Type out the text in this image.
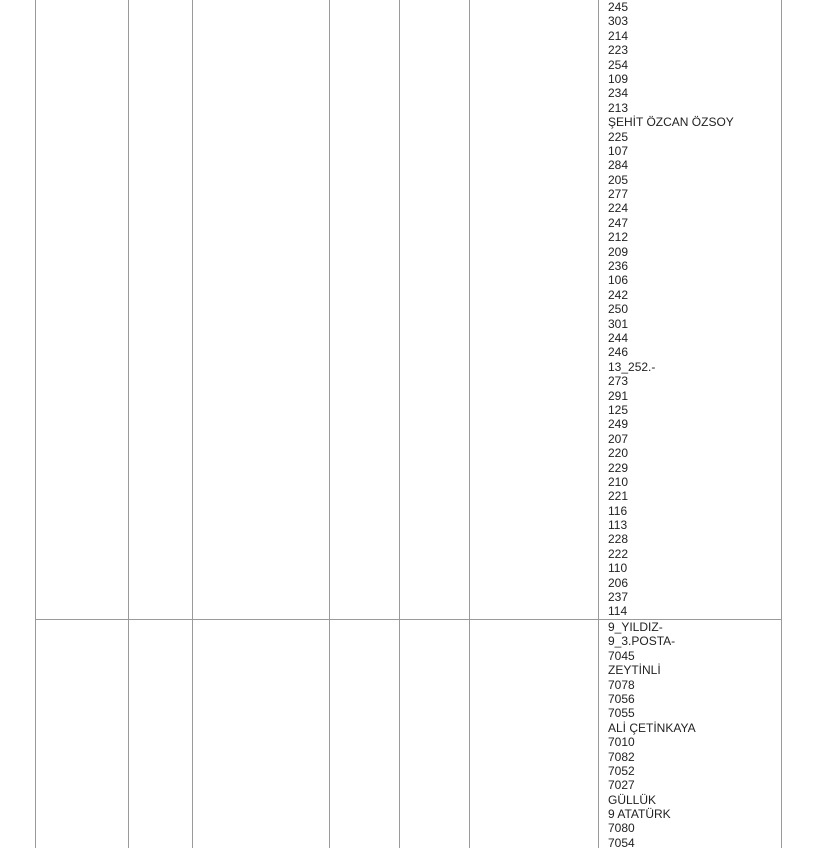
245
303
214
223
254
109
234
213
ŞEHİT ÖZCAN ÖZSOY
225
107
284
205
277
224
247
212
209
236
106
242
250
301
244
246
13_252.-
273
291
125
249
207
220
229
210
221
116
113
228
222
110
206
237
114
9_YILDIZ-
9_3.POSTA-
7045
ZEYTİNLİ
7078
7056
7055
ALİ ÇETİNKAYA
7010
7082
7052
7027
GÜLLÜK
9 ATATÜRK
7080
7054
